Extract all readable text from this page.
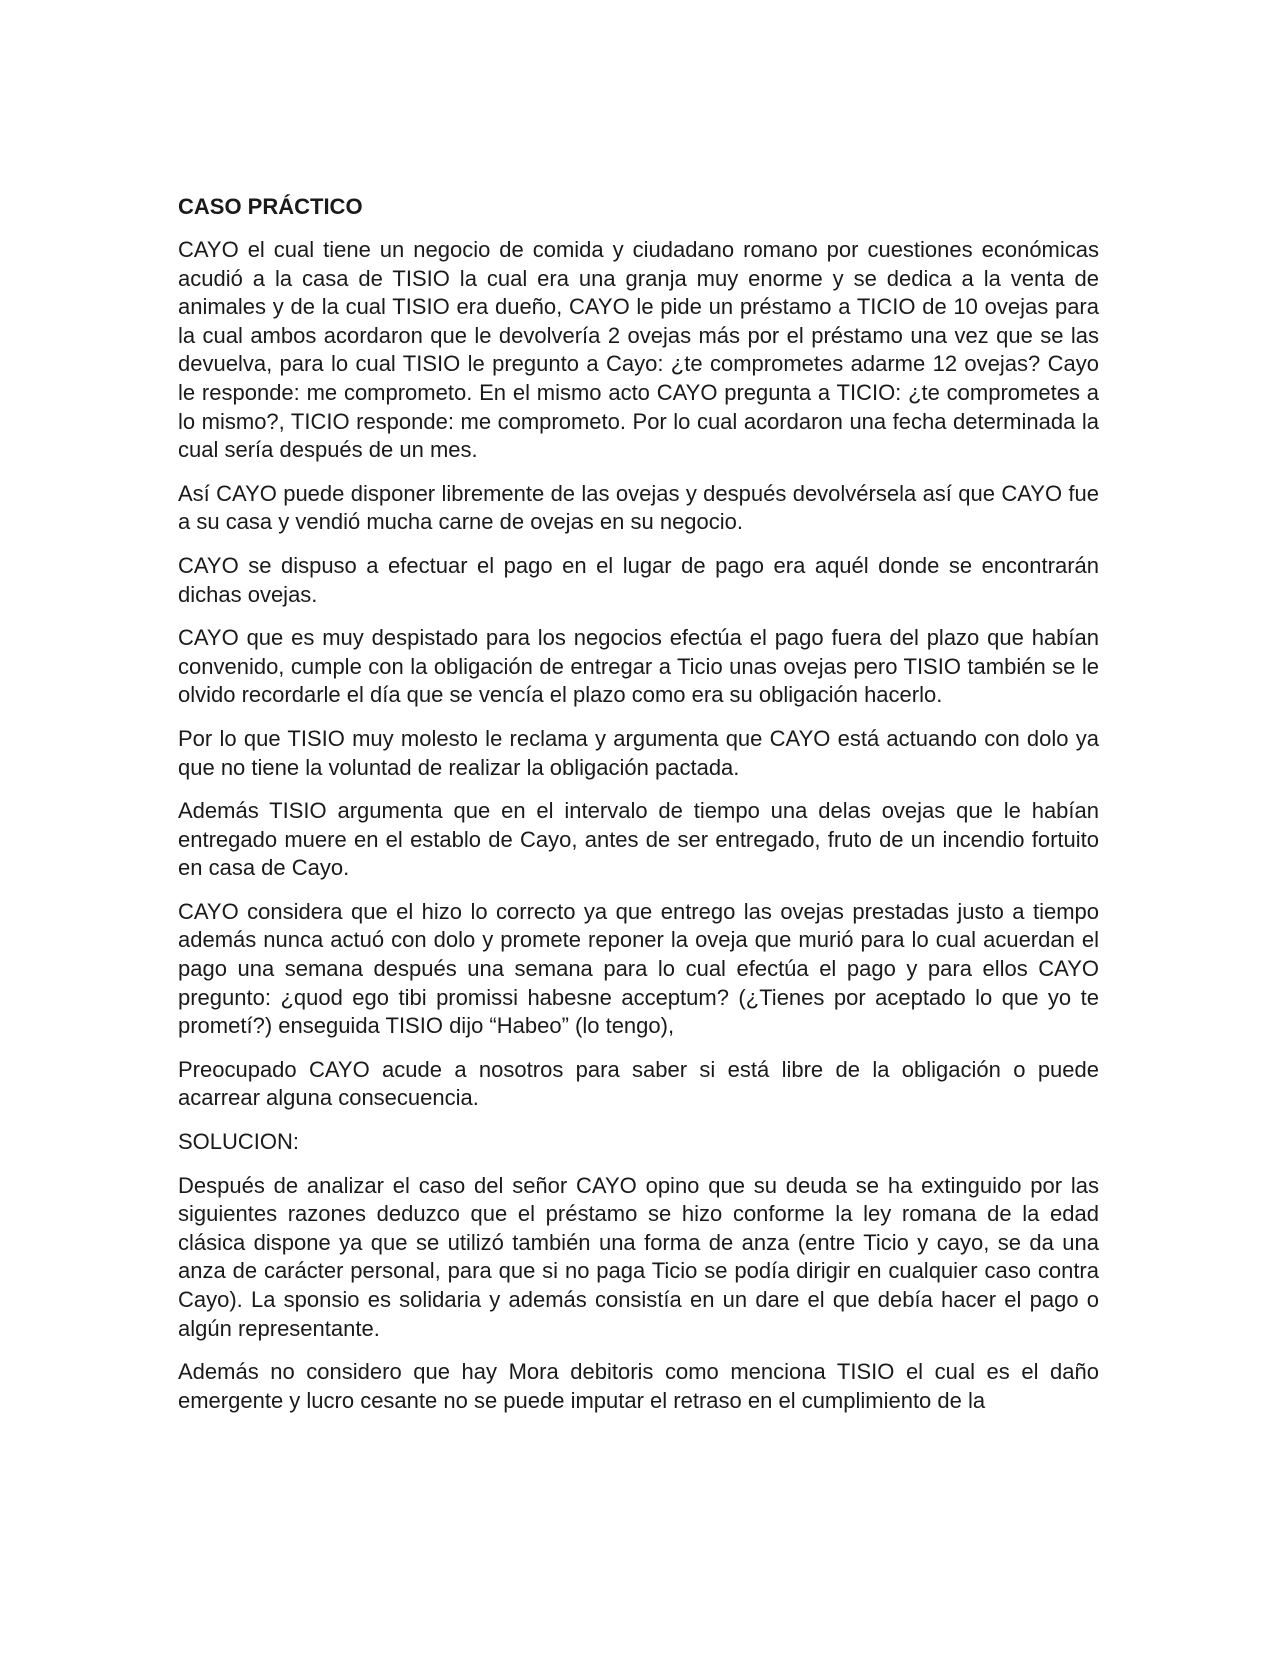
CASO PRÁCTICO

CAYO el cual tiene un negocio de comida y ciudadano romano por cuestiones económicas acudió a la casa de TISIO la cual era una granja muy enorme y se dedica a la venta de animales y de la cual TISIO era dueño, CAYO le pide un préstamo a TICIO de 10 ovejas para la cual ambos acordaron que le devolvería 2 ovejas más por el préstamo una vez que se las devuelva, para lo cual TISIO le pregunto a Cayo: ¿te comprometes adarme 12 ovejas? Cayo le responde: me comprometo. En el mismo acto CAYO pregunta a TICIO: ¿te comprometes a lo mismo?, TICIO responde: me comprometo. Por lo cual acordaron una fecha determinada la cual sería después de un mes.

Así CAYO puede disponer libremente de las ovejas y después devolvérsela así que CAYO fue a su casa y vendió mucha carne de ovejas en su negocio.

CAYO se dispuso a efectuar el pago en el lugar de pago era aquél donde se encontrarán dichas ovejas.

CAYO que es muy despistado para los negocios efectúa el pago fuera del plazo que habían convenido, cumple con la obligación de entregar a Ticio unas ovejas pero TISIO también se le olvido recordarle el día que se vencía el plazo como era su obligación hacerlo.

Por lo que TISIO muy molesto le reclama y argumenta que CAYO está actuando con dolo ya que no tiene la voluntad de realizar la obligación pactada.

Además TISIO argumenta que en el intervalo de tiempo una delas ovejas que le habían entregado muere en el establo de Cayo, antes de ser entregado, fruto de un incendio fortuito en casa de Cayo.

CAYO considera que el hizo lo correcto ya que entrego las ovejas prestadas justo a tiempo además nunca actuó con dolo y promete reponer la oveja que murió para lo cual acuerdan el pago una semana después una semana para lo cual efectúa el pago y para ellos CAYO pregunto: ¿quod ego tibi promissi habesne acceptum? (¿Tienes por aceptado lo que yo te prometí?) enseguida TISIO dijo “Habeo” (lo tengo),

Preocupado CAYO acude a nosotros para saber si está libre de la obligación o puede acarrear alguna consecuencia.

SOLUCION:

Después de analizar el caso del señor CAYO opino que su deuda se ha extinguido por las siguientes razones deduzco que el préstamo se hizo conforme la ley romana de la edad clásica dispone ya que se utilizó también una forma de anza (entre Ticio y cayo, se da una anza de carácter personal, para que si no paga Ticio se podía dirigir en cualquier caso contra Cayo). La sponsio es solidaria y además consistía en un dare el que debía hacer el pago o algún representante.

Además no considero que hay Mora debitoris como menciona TISIO el cual es el daño emergente y lucro cesante no se puede imputar el retraso en el cumplimiento de la
